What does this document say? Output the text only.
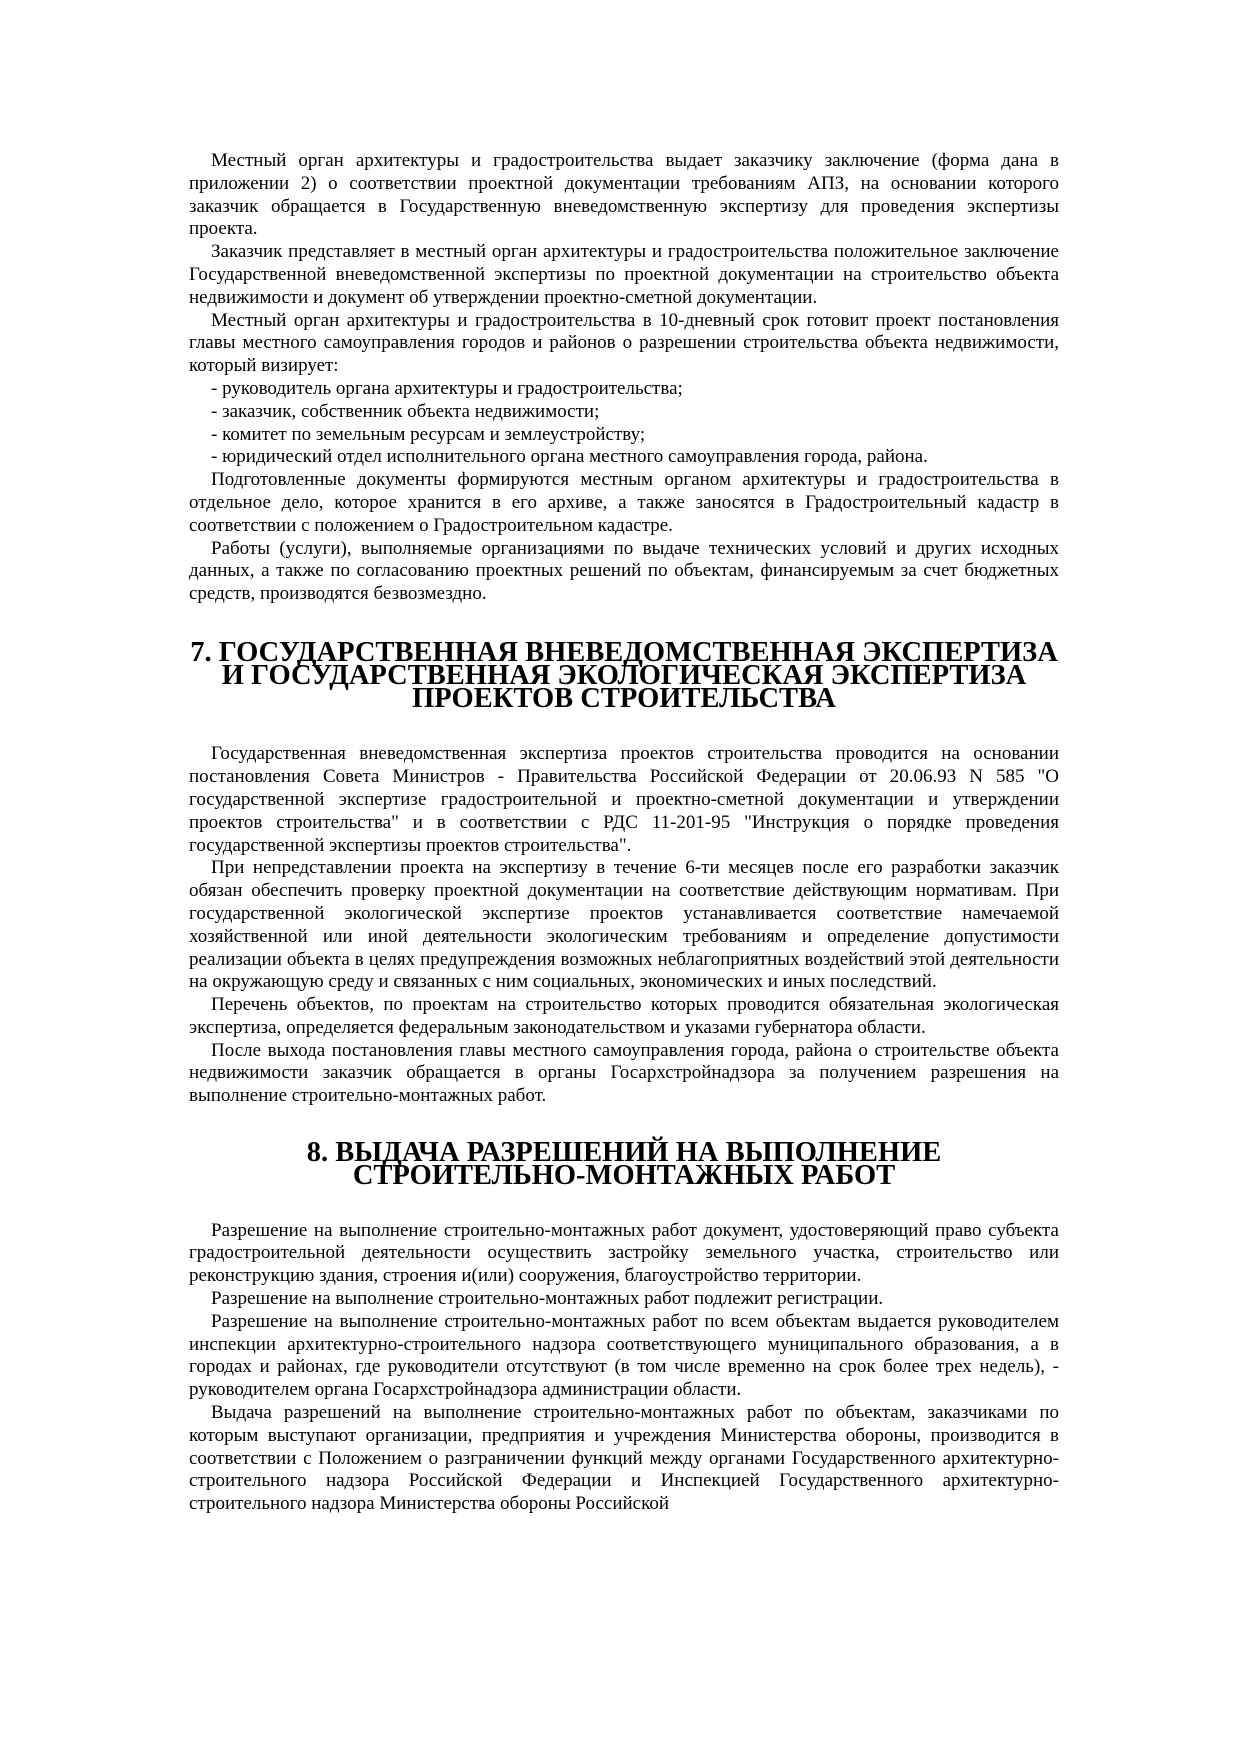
Местный орган архитектуры и градостроительства выдает заказчику заключение (форма дана в приложении 2) о соответствии проектной документации требованиям АПЗ, на основании которого заказчик обращается в Государственную вневедомственную экспертизу для проведения экспертизы проекта.

Заказчик представляет в местный орган архитектуры и градостроительства положительное заключение Государственной вневедомственной экспертизы по проектной документации на строительство объекта недвижимости и документ об утверждении проектно-сметной документации.

Местный орган архитектуры и градостроительства в 10-дневный срок готовит проект постановления главы местного самоуправления городов и районов о разрешении строительства объекта недвижимости, который визирует:

- руководитель органа архитектуры и градостроительства;

- заказчик, собственник объекта недвижимости;

- комитет по земельным ресурсам и землеустройству;

- юридический отдел исполнительного органа местного самоуправления города, района.

Подготовленные документы формируются местным органом архитектуры и градостроительства в отдельное дело, которое хранится в его архиве, а также заносятся в Градостроительный кадастр в соответствии с положением о Градостроительном кадастре.

Работы (услуги), выполняемые организациями по выдаче технических условий и других исходных данных, а также по согласованию проектных решений по объектам, финансируемым за счет бюджетных средств, производятся безвозмездно.

7. ГОСУДАРСТВЕННАЯ ВНЕВЕДОМСТВЕННАЯ ЭКСПЕРТИЗА
И ГОСУДАРСТВЕННАЯ ЭКОЛОГИЧЕСКАЯ ЭКСПЕРТИЗА
ПРОЕКТОВ СТРОИТЕЛЬСТВА

Государственная вневедомственная экспертиза проектов строительства проводится на основании постановления Совета Министров - Правительства Российской Федерации от 20.06.93 N 585 "О государственной экспертизе градостроительной и проектно-сметной документации и утверждении проектов строительства" и в соответствии с РДС 11-201-95 "Инструкция о порядке проведения государственной экспертизы проектов строительства".

При непредставлении проекта на экспертизу в течение 6-ти месяцев после его разработки заказчик обязан обеспечить проверку проектной документации на соответствие действующим нормативам. При государственной экологической экспертизе проектов устанавливается соответствие намечаемой хозяйственной или иной деятельности экологическим требованиям и определение допустимости реализации объекта в целях предупреждения возможных неблагоприятных воздействий этой деятельности на окружающую среду и связанных с ним социальных, экономических и иных последствий.

Перечень объектов, по проектам на строительство которых проводится обязательная экологическая экспертиза, определяется федеральным законодательством и указами губернатора области.

После выхода постановления главы местного самоуправления города, района о строительстве объекта недвижимости заказчик обращается в органы Госархстройнадзора за получением разрешения на выполнение строительно-монтажных работ.

8. ВЫДАЧА РАЗРЕШЕНИЙ НА ВЫПОЛНЕНИЕ
СТРОИТЕЛЬНО-МОНТАЖНЫХ РАБОТ

Разрешение на выполнение строительно-монтажных работ документ, удостоверяющий право субъекта градостроительной деятельности осуществить застройку земельного участка, строительство или реконструкцию здания, строения и(или) сооружения, благоустройство территории.

Разрешение на выполнение строительно-монтажных работ подлежит регистрации.

Разрешение на выполнение строительно-монтажных работ по всем объектам выдается руководителем инспекции архитектурно-строительного надзора соответствующего муниципального образования, а в городах и районах, где руководители отсутствуют (в том числе временно на срок более трех недель), - руководителем органа Госархстройнадзора администрации области.

Выдача разрешений на выполнение строительно-монтажных работ по объектам, заказчиками по которым выступают организации, предприятия и учреждения Министерства обороны, производится в соответствии с Положением о разграничении функций между органами Государственного архитектурно-строительного надзора Российской Федерации и Инспекцией Государственного архитектурно-строительного надзора Министерства обороны Российской
